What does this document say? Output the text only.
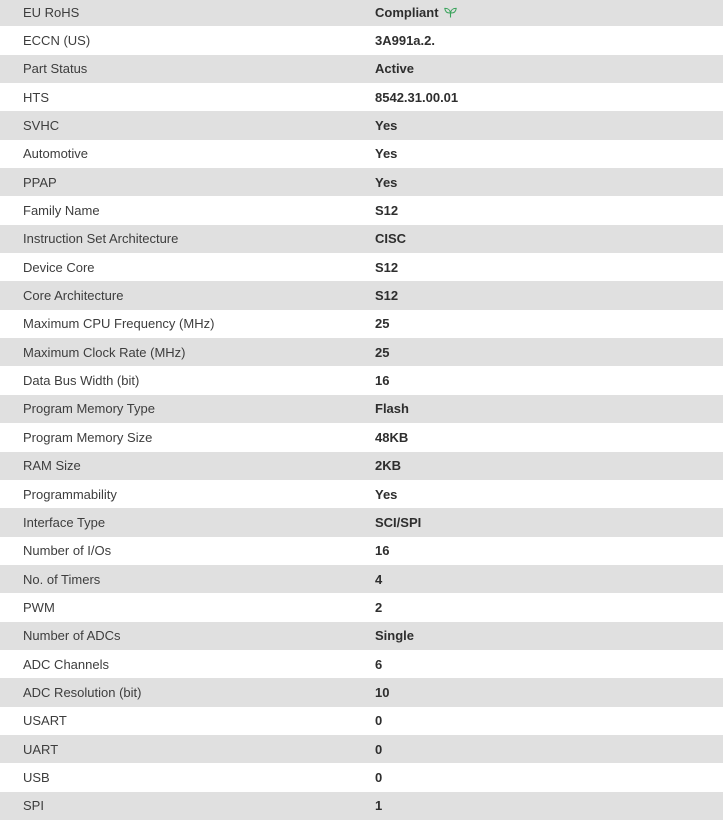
EU RoHS	Compliant
ECCN (US)	3A991a.2.
Part Status	Active
HTS	8542.31.00.01
SVHC	Yes
Automotive	Yes
PPAP	Yes
Family Name	S12
Instruction Set Architecture	CISC
Device Core	S12
Core Architecture	S12
Maximum CPU Frequency (MHz)	25
Maximum Clock Rate (MHz)	25
Data Bus Width (bit)	16
Program Memory Type	Flash
Program Memory Size	48KB
RAM Size	2KB
Programmability	Yes
Interface Type	SCI/SPI
Number of I/Os	16
No. of Timers	4
PWM	2
Number of ADCs	Single
ADC Channels	6
ADC Resolution (bit)	10
USART	0
UART	0
USB	0
SPI	1
